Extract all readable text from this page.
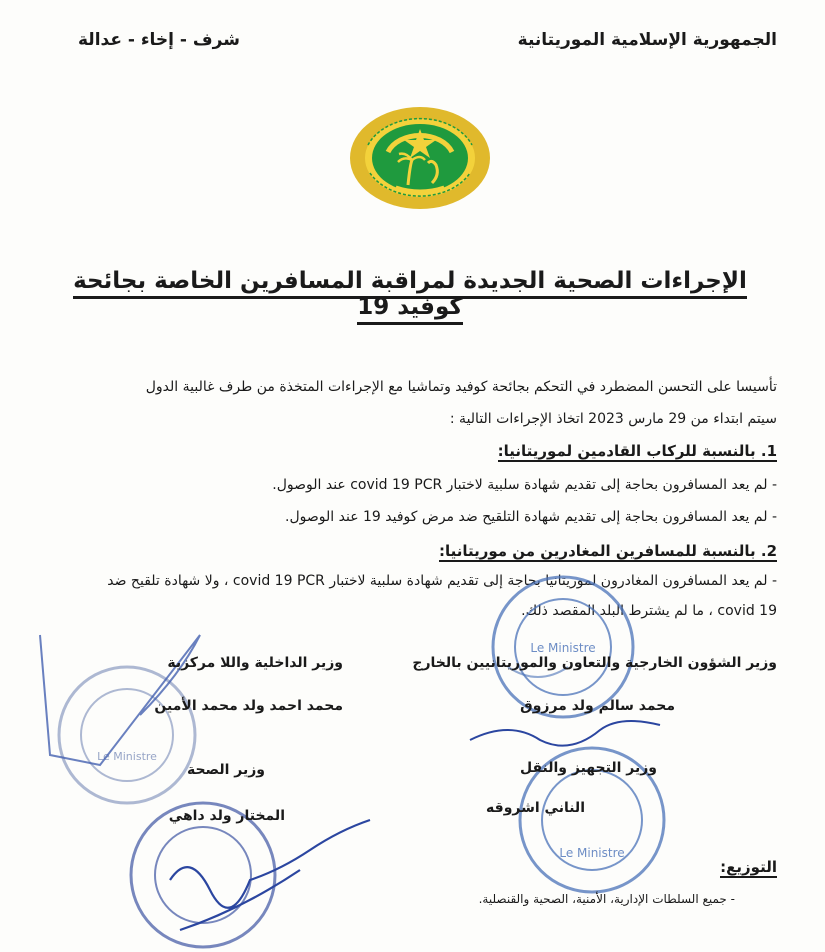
الجمهورية الإسلامية الموريتانية
شرف - إخاء - عدالة
الإجراءات الصحية الجديدة لمراقبة المسافرين الخاصة بجائحة كوفيد 19
تأسيسا على التحسن المضطرد في التحكم بجائحة كوفيد وتماشيا مع الإجراءات المتخذة من طرف غالبية الدول
سيتم ابتداء من 29 مارس 2023 اتخاذ الإجراءات التالية :
1. بالنسبة للركاب القادمين لموريتانيا:
- لم يعد المسافرون بحاجة إلى تقديم شهادة سلبية لاختبار covid 19 PCR عند الوصول.
- لم يعد المسافرون بحاجة إلى تقديم شهادة التلقيح ضد مرض كوفيد 19 عند الوصول.
2. بالنسبة للمسافرين المغادرين من موريتانيا:
- لم يعد المسافرون المغادرون لموريتانيا بحاجة إلى تقديم شهادة سلبية لاختبار covid 19 PCR ، ولا شهادة تلقيح ضد
covid 19 ، ما لم يشترط البلد المقصد ذلك.
Le Ministre
Le Ministre
Le Ministre
وزير الشؤون الخارجية والتعاون والموريتانيين بالخارج
محمد سالم ولد مرزوق
وزير الداخلية واللا مركزية
محمد احمد ولد محمد الأمين
وزير التجهيز والنقل
الناني اشروقه
وزير الصحة
المختار ولد داهي
التوزيع:
- جميع السلطات الإدارية، الأمنية، الصحية والقنصلية.
